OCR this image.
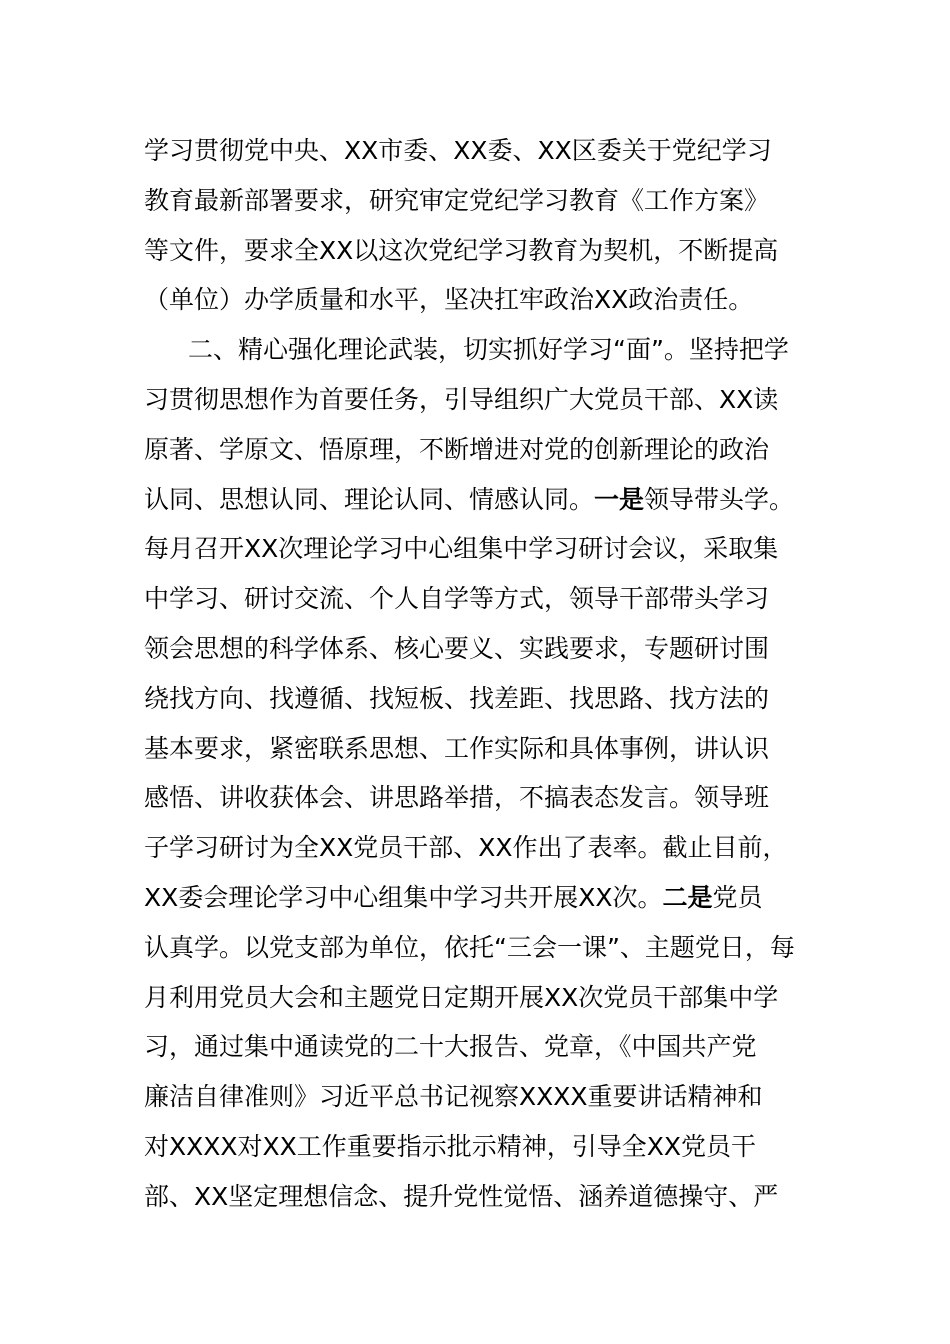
学习贯彻党中央、XX市委、XX委、XX区委关于党纪学习
教育最新部署要求，研究审定党纪学习教育《工作方案》
等文件，要求全XX以这次党纪学习教育为契机，不断提高
（单位）办学质量和水平，坚决扛牢政治XX政治责任。
二、精心强化理论武装，切实抓好学习“面”。坚持把学
习贯彻思想作为首要任务，引导组织广大党员干部、XX读
原著、学原文、悟原理，不断增进对党的创新理论的政治
认同、思想认同、理论认同、情感认同。一是领导带头学。
每月召开XX次理论学习中心组集中学习研讨会议，采取集
中学习、研讨交流、个人自学等方式，领导干部带头学习
领会思想的科学体系、核心要义、实践要求，专题研讨围
绕找方向、找遵循、找短板、找差距、找思路、找方法的
基本要求，紧密联系思想、工作实际和具体事例，讲认识
感悟、讲收获体会、讲思路举措，不搞表态发言。领导班
子学习研讨为全XX党员干部、XX作出了表率。截止目前，
XX委会理论学习中心组集中学习共开展XX次。二是党员
认真学。以党支部为单位，依托“三会一课”、主题党日，每
月利用党员大会和主题党日定期开展XX次党员干部集中学
习，通过集中通读党的二十大报告、党章，《中国共产党
廉洁自律准则》习近平总书记视察XXXX重要讲话精神和
对XXXX对XX工作重要指示批示精神，引导全XX党员干
部、XX坚定理想信念、提升党性觉悟、涵养道德操守、严
